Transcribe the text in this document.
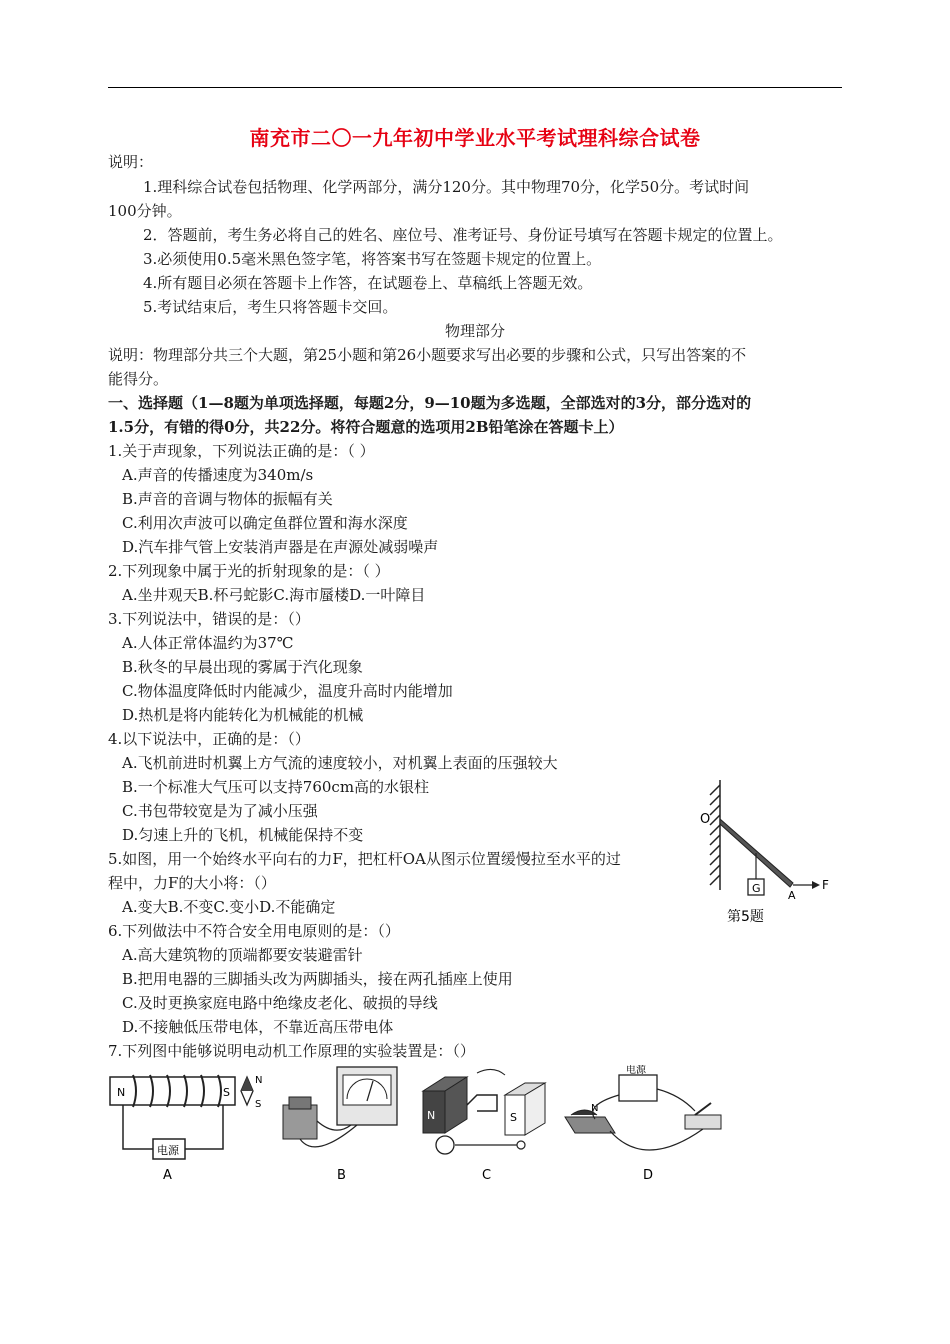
南充市二〇一九年初中学业水平考试理科综合试卷
说明：
1.理科综合试卷包括物理、化学两部分，满分120分。其中物理70分，化学50分。考试时间
100分钟。
2．答题前，考生务必将自己的姓名、座位号、准考证号、身份证号填写在答题卡规定的位置上。
3.必须使用0.5毫米黑色签字笔，将答案书写在签题卡规定的位置上。
4.所有题目必须在答题卡上作答，在试题卷上、草稿纸上答题无效。
5.考试结束后，考生只将答题卡交回。
物理部分
说明：物理部分共三个大题，第25小题和第26小题要求写出必要的步骤和公式，只写出答案的不
能得分。
一、选择题（1—8题为单项选择题，每题2分，9—10题为多选题，全部选对的3分，部分选对的
1.5分，有错的得0分，共22分。将符合题意的选项用2B铅笔涂在答题卡上）
1.关于声现象，下列说法正确的是：（ ）
A.声音的传播速度为340m/s
B.声音的音调与物体的振幅有关
C.利用次声波可以确定鱼群位置和海水深度
D.汽车排气管上安装消声器是在声源处减弱噪声
2.下列现象中属于光的折射现象的是：（ ）
A.坐井观天B.杯弓蛇影C.海市蜃楼D.一叶障目
3.下列说法中，错误的是：（）
A.人体正常体温约为37℃
B.秋冬的早晨出现的雾属于汽化现象
C.物体温度降低时内能减少，温度升高时内能增加
D.热机是将内能转化为机械能的机械
4.以下说法中，正确的是：（）
A.飞机前进时机翼上方气流的速度较小，对机翼上表面的压强较大
B.一个标准大气压可以支持760cm高的水银柱
C.书包带较宽是为了减小压强
D.匀速上升的飞机，机械能保持不变
5.如图，用一个始终水平向右的力F，把杠杆OA从图示位置缓慢拉至水平的过
程中，力F的大小将：（）
A.变大B.不变C.变小D.不能确定
O
G
A
F
第5题
6.下列做法中不符合安全用电原则的是：（）
A.高大建筑物的顶端都要安装避雷针
B.把用电器的三脚插头改为两脚插头，接在两孔插座上使用
C.及时更换家庭电路中绝缘皮老化、破损的导线
D.不接触低压带电体，不靠近高压带电体
7.下列图中能够说明电动机工作原理的实验装置是：（）
N	S
电源
N
S
A	B
N	S
C
电源
N
D
